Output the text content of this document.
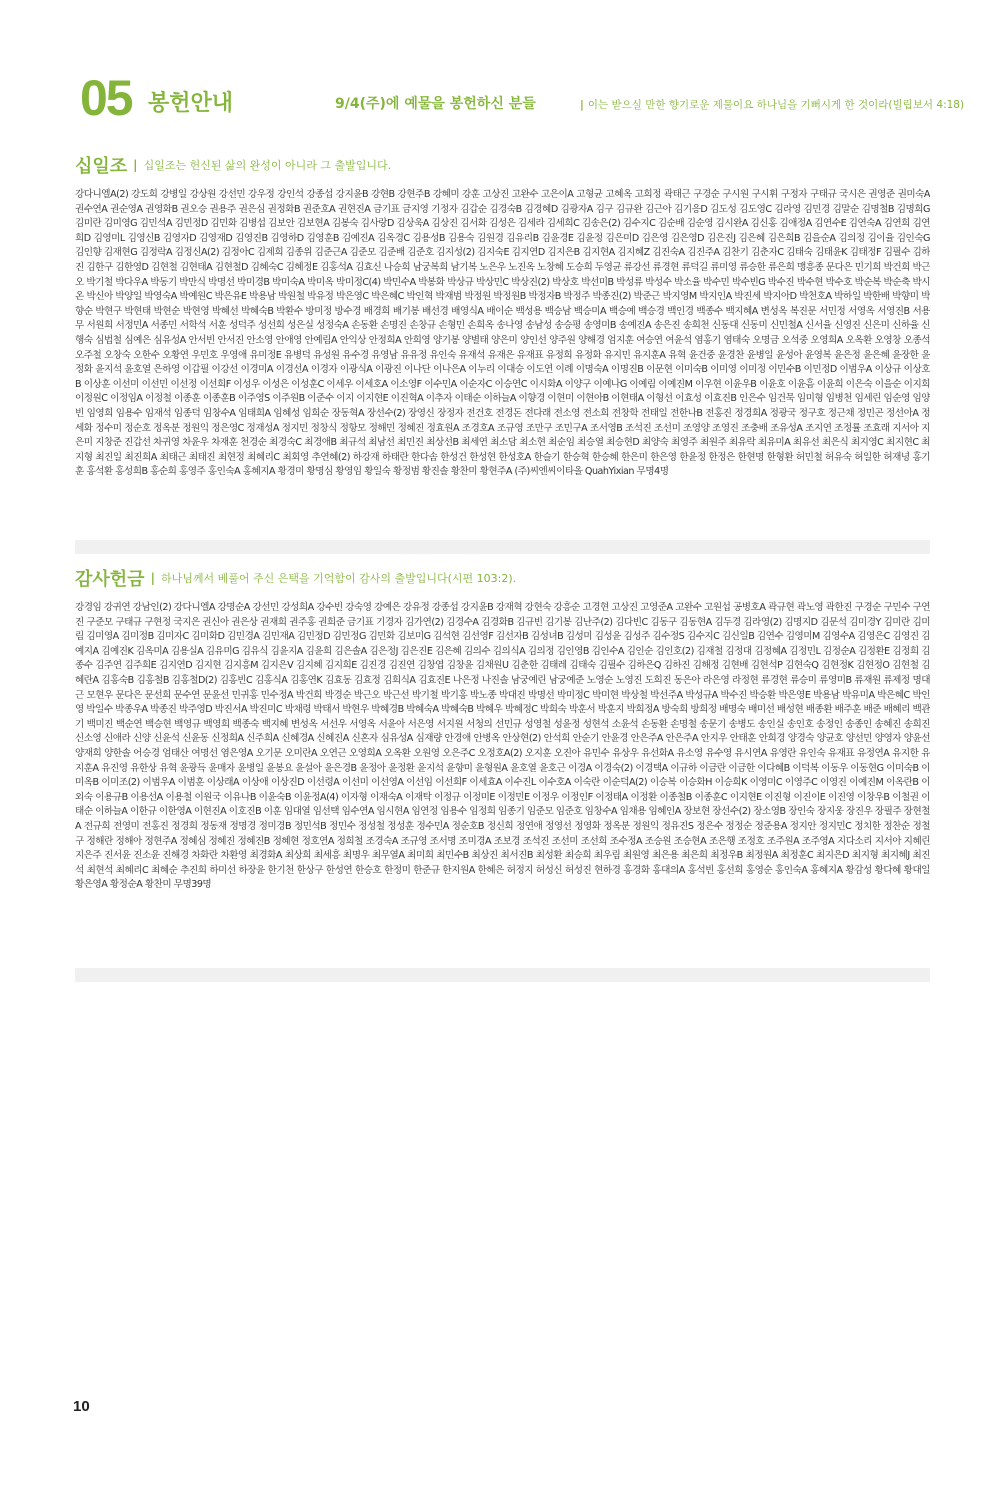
05 봉헌안내	9/4(주)에 예물을 봉헌하신 분들	| 이는 받으실 만한 향기로운 제물이요 하나님을 기뻐시게 한 것이라(빌립보서 4:18)
십일조 | 십일조는 헌신된 삶의 완성이 아니라 그 출발입니다.
강다니엘A(2) 강도희 강병일 강상원 강선민 강우정 강인석 강종섭 강지윤B 강현B 강현주B 강혜미 강훈 고상진 고완수 고은이A 고형균 고혜옥 고희정 곽태근 구경순 구시원 구시휘 구정자 구태규 국시은 권영준 권미숙A 권수연A 권순영A 권영화B 권오승 권용주 권은심 권정화B 권준호A 권현진A 금기표 금지영 기정자 김갑순 김경숙B 김경혜D 김광자A 김구 김규완 김근아 김기응D 김도성 김도영C 김라영 김민경 김말순 김명철B 김명희G 김미란 김미영G 김민석A 김민정D 김민화 김병섭 김보안 김보현A 김봉숙 김사랑D 김상욱A 김상진 김서화 김성은 김세라 김세희C 김송은(2) 김수지C 김순배 김순영 김시완A 김신홍 김애정A 김연수E 김연숙A 김연희 김연희D 김영미L 김영신B 김영자D 김영재D 김영진B 김영하D 김영훈B 김예진A 김옥경C 김용성B 김용숙 김원경 김유리B 김윤경E 김윤정 김은미D 김은영 김은영D 김은진J 김은혜 김은희B 김을순A 김의정 김이율 김인숙G 김인향 김재현G 김정락A 김정신A(2) 김정아C 김제희 김종위 김준근A 김준모 김준배 김준호 김지성(2) 김지숙E 김지연D 김지은B 김지현A 김지혜Z 김진숙A 김진주A 김찬기 김춘자C 김태숙 김태윤K 김태정F 김필수 김하진 김한구 김한영D 김현철 김현태A 김현철D 김혜숙C 김혜정E 김홍석A 김효신 나승희 남궁복희 남기복 노은우 노진옥 노창혜 도승희 두영균 류강선 류경현 류덕길 류미영 류승한 류은희 맹흥종 문다은 민기희 박건희 박근오 박기철 박다우A 박동기 박만식 박명선 박미경B 박미숙A 박미옥 박미정C(4) 박민수A 박봉화 박상규 박상민C 박상진(2) 박상호 박선미B 박성류 박성수 박소율 박수민 박수빈G 박수진 박수현 박수호 박순복 박순축 박시온 박신아 박양일 박영숙A 박예원C 박은유E 박용남 박원철 박유정 박은영C 박은혜C 박인혁 박재범 박정원 박정원B 박정자B 박정주 박종진(2) 박준근 박지영M 박지인A 박진세 박지아D 박천호A 박하일 박한배 박향미 박향순 박현구 박현태 박현순 박현영 박혜선 박혜숙B 박환수 방미정 방수경 배경희 배기봉 배선경 배영식A 배이순 백성용 백승남 백승미A 백승예 백승경 백인경 백종수 백지혜A 변성옥 복진문 서민정 서영옥 서영진B 서용무 서원희 서정민A 서종민 서학석 서훈 성덕주 성선희 성은실 성정숙A 손동환 손명진 손창규 손형민 손희옥 송나영 송남성 송승평 송영미B 송예진A 송은진 송희천 신동대 신동미 신민철A 신서율 신영진 신은미 신하율 신행숙 심법철 심예은 심유성A 안서빈 안서진 안소영 안애영 안예림A 안익상 안정희A 안희영 양기봉 양별태 양은미 양인선 양주원 양해경 엄지훈 여승연 여윤석 염홍기 염태숙 오명금 오석중 오영희A 오옥환 오영창 오종석 오주철 오창숙 오한수 오황연 우민호 우영애 유미정E 유병덕 유성원 유수경 유영남 유유정 유인숙 유재석 유재은 유재표 유정희 유정화 유지민 유지훈A 유혁 윤건중 윤경찬 윤병일 윤성아 윤영복 윤은정 윤은혜 윤장한 윤정화 윤지석 윤호열 은하영 이갑필 이강선 이경미A 이경선A 이경자 이광식A 이광진 이나단 이나은A 이누리 이대승 이도연 이례 이명숙A 이명진B 이문현 이미숙B 이미영 이미정 이민수B 이민정D 이범우A 이상규 이상호B 이상훈 이선미 이선민 이선정 이선희F 이성우 이성은 이성훈C 이세우 이세호A 이소영F 이수민A 이순자C 이승연C 이시화A 이양구 이예나G 이예림 이예진M 이우현 이윤우B 이윤호 이윤흠 이윤희 이은숙 이을순 이지희 이정원C 이정임A 이정철 이종훈 이종훈B 이주영S 이주원B 이준수 이지 이지현E 이진혁A 이추자 이태순 이하늘A 이향경 이현미 이현아B 이현태A 이형선 이효성 이효진B 인은수 임건묵 임미형 임병천 임세린 임순영 임양빈 임영희 임용수 임재석 임종덕 임창수A 임태희A 임혜성 임희순 장동혁A 장선수(2) 장영신 장정자 전건호 전경돈 전다래 전소영 전소희 전창학 전태일 전한나B 전홍진 정경희A 정광국 정구호 정근채 정민곤 정선아A 정세화 정수미 정순호 정옥분 정원익 정은영C 정재성A 정지민 정창식 정항모 정해민 정혜진 정효원A 조경호A 조규영 조만구 조민구A 조서영B 조석진 조선미 조영양 조영진 조충배 조유성A 조지연 조정률 조효래 지서아 지은미 지창준 진갑선 차귀영 차윤우 차재훈 천경순 최경숙C 최경애B 최규석 최남선 최민진 최상선B 최세연 최소담 최소현 최순임 최승열 최승현D 최양숙 최영주 최원주 최유락 최유미A 최유선 최은식 최지영C 최지현C 최지형 최진일 최진희A 최태근 최태진 최현정 최혜리C 최회영 추연혜(2) 하강재 하태란 한다솜 한성건 한성현 한성호A 한슬기 한승혁 한승혜 한은미 한은영 한윤정 한정은 한현명 한형환 허민철 허유숙 허일한 허재녕 홍기훈 홍석환 홍성희B 홍순희 홍영주 홍인숙A 홍혜지A 황경미 황명심 황영임 황일숙 황정범 황진솔 황찬미 황현주A (주)씨엔씨이타올 QuahYixian 무명4명
감사헌금 | 하나님께서 베풀어 주신 은택을 기억함이 감사의 출발입니다(시편 103:2).
강경임 강귀연 강남인(2) 강다니엘A 강명순A 강선민 강성희A 강수빈 강숙영 강예은 강유정 강종섭 강지윤B 강재혁 강현숙 강흥순 고경현 고상진 고영준A 고완수 고원섭 공병호A 곽규현 곽노영 곽한진 구경순 구민수 구연진 구준모 구태규 구현정 국지은 권신아 권은상 권재희 권주홍 권희준 금기표 기경자 김가연(2) 김경수A 김경화B 김규빈 김기봉 김난주(2) 김다빈C 김동구 김동현A 김두경 김라영(2) 김명지D 김문석 김미경Y 김미란 김미림 김미영A 김미정B 김미자C 김미화D 김민경A 김민재A 김민정D 김민정G 김민화 김보미G 김석현 김선영F 김선자B 김성녀B 김성미 김성윤 김성주 김수정S 김수지C 김신일B 김연수 김영미M 김영수A 김영은C 김영진 김예지A 김예진K 김옥미A 김용실A 김유미G 김유식 김윤지A 김윤희 김은솔A 김은정J 김은진E 김은혜 김의수 김의식A 김의정 김인영B 김인수A 김인순 김인호(2) 김재철 김정대 김정혜A 김정민L 김정순A 김정환E 김정희 김종수 김주연 김주희E 김지연D 김지현 김지흥M 김지은V 김지혜 김지희E 김진경 김진연 김창엽 김창윤 김채원U 김춘한 김태레 김태숙 김필수 김하은Q 김하진 김해정 김현배 김현석P 김현숙Q 김현정K 김현정O 김현철 김혜란A 김홍숙B 김홍철B 김홍철D(2) 김홍빈C 김홍식A 김홍연K 김효동 김효정 김희식A 김효진E 나은정 나진솔 남궁예린 남궁예준 노영순 노영진 도희진 동은아 라은영 라정현 류경현 류승미 류영미B 류재원 류제정 명대근 모현우 문다은 문선희 문수연 문윤선 민귀홍 민수정A 박건희 박경순 박근오 박근선 박기철 박기홍 박노종 박대진 박명선 박미정C 박미현 박상철 박선주A 박성규A 박수진 박승환 박은영E 박용남 박유미A 박은혜C 박인영 박일수 박종우A 박종진 박주영D 박진서A 박진미C 박채령 박태서 박현우 박혜경B 박혜숙A 박혜숙B 박혜우 박혜정C 박희숙 박훈서 박훈지 박희정A 방숙희 방희정 배명숙 배미선 배성현 배종환 배주훈 배준 배혜리 백관기 백미진 백순연 백승현 백영규 백영희 백종숙 백지혜 변성옥 서선우 서영옥 서윤아 서은영 서지원 서청의 선민규 성영철 성윤정 성현석 소윤석 손동환 손명철 송문기 송병도 송인실 송인호 송정인 송종인 송혜진 송희진 신소영 신애라 신양 신윤석 신윤동 신정희A 신주희A 신혜경A 신혜진A 신혼자 심유성A 심재량 안경애 안병옥 안상현(2) 안석희 안순기 안윤경 안은주A 안은주A 안지우 안태훈 안희경 양경숙 양균호 양선민 양영자 양윤선 양재희 양한솔 어승경 엄태산 여명선 염은영A 오기문 오미란A 오연근 오영희A 오옥환 오원영 오은주C 오정호A(2) 오지훈 오진아 유민수 유상우 유선화A 유소영 유수영 유시연A 유영란 유인숙 유재표 유정연A 유지한 유지훈A 유진영 유한상 유혁 윤광득 윤매자 윤병일 윤봉요 윤설아 윤은경B 윤정아 윤정환 윤지석 윤향미 윤형원A 윤호열 윤호근 이경A 이경숙(2) 이경택A 이규하 이금란 이금한 이다혜B 이덕복 이동우 이동현G 이미숙B 이미옥B 이미조(2) 이범우A 이범훈 이상래A 이상애 이상진D 이선령A 이선미 이선영A 이선임 이선희F 이세효A 이수진L 이수호A 이숙란 이순덕A(2) 이승복 이승화H 이승희K 이영미C 이영주C 이영진 이예진M 이옥란B 이외숙 이용규B 이용선A 이용철 이원국 이유나B 이윤숙B 이윤정A(4) 이자형 이재숙A 이재탁 이정규 이정미E 이정민E 이정우 이정인F 이정태A 이정환 이종철B 이종훈C 이지현E 이진형 이진이E 이진영 이창우B 이철권 이태순 이하늘A 이한규 이한영A 이현진A 이호진B 이훈 임대열 임선택 임수연A 임시현A 임연정 임용수 임정희 임종기 임준모 임준호 임창수A 임채용 임혜인A 장보현 장선수(2) 장소영B 장인숙 장지웅 장진우 장필주 장현철A 전규희 전영미 전홍진 정경희 정동재 정명경 정미경B 정민석B 정민수 정성철 정성훈 정수민A 정순호B 정신희 정연애 정영선 정영화 정옥분 정원익 정유진S 정은수 정정순 정준용A 정지안 정지민C 정치한 정찬순 정철구 정해란 정해아 정현주A 정혜심 정혜진 정혜진B 정혜현 정호연A 정희철 조경숙A 조규영 조서명 조미경A 조보경 조석진 조선미 조선희 조수정A 조승원 조승현A 조은행 조정호 조주원A 조주영A 지다소리 지서아 지혜린 지은주 진서윤 진소윤 진해경 차화란 차환영 최경화A 최상희 최세흥 최명우 최무열A 최미희 최민수B 최상진 최서진B 최성환 최승희 최우림 최원영 최은용 최은희 최정우B 최정원A 최정훈C 최지은D 최지형 최지혜J 최진석 최현석 최혜리C 최혜순 추진희 하미선 하장윤 한기천 한상구 한성연 한승호 한정미 한준규 한지원A 한혜은 허정지 허성신 허성진 현하경 홍경화 홍대의A 홍석빈 홍선희 홍영순 홍인숙A 홍혜지A 황감성 황다혜 황대일 황은영A 황정순A 황찬미 무명39명
10
